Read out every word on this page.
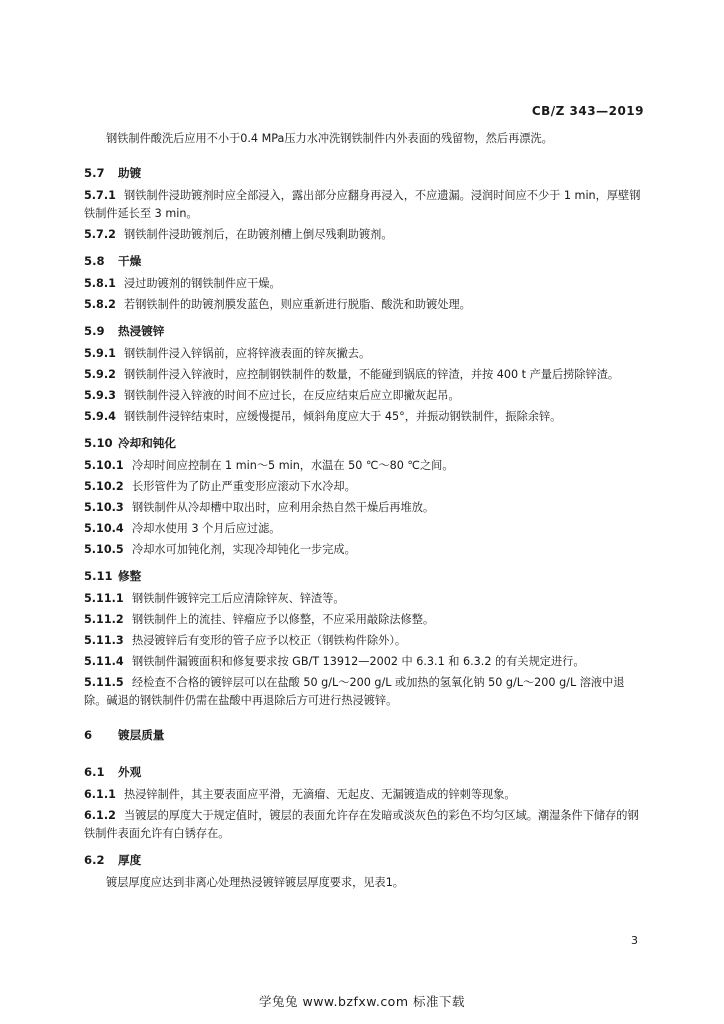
CB/Z 343—2019
钢铁制件酸洗后应用不小于0.4 MPa压力水冲洗钢铁制件内外表面的残留物，然后再漂洗。
5.7 助镀
5.7.1 钢铁制件浸助镀剂时应全部浸入，露出部分应翻身再浸入，不应遗漏。浸润时间应不少于 1 min，厚壁钢铁制件延长至 3 min。
5.7.2 钢铁制件浸助镀剂后，在助镀剂槽上倒尽残剩助镀剂。
5.8 干燥
5.8.1 浸过助镀剂的钢铁制件应干燥。
5.8.2 若钢铁制件的助镀剂膜发蓝色，则应重新进行脱脂、酸洗和助镀处理。
5.9 热浸镀锌
5.9.1 钢铁制件浸入锌锅前，应将锌液表面的锌灰撇去。
5.9.2 钢铁制件浸入锌液时，应控制钢铁制件的数量，不能碰到锅底的锌渣，并按 400 t 产量后捞除锌渣。
5.9.3 钢铁制件浸入锌液的时间不应过长，在反应结束后应立即撇灰起吊。
5.9.4 钢铁制件浸锌结束时，应缓慢提吊，倾斜角度应大于 45°，并振动钢铁制件，振除余锌。
5.10 冷却和钝化
5.10.1 冷却时间应控制在 1 min～5 min，水温在 50 ℃～80 ℃之间。
5.10.2 长形管件为了防止严重变形应滚动下水冷却。
5.10.3 钢铁制件从冷却槽中取出时，应利用余热自然干燥后再堆放。
5.10.4 冷却水使用 3 个月后应过滤。
5.10.5 冷却水可加钝化剂，实现冷却钝化一步完成。
5.11 修整
5.11.1 钢铁制件镀锌完工后应清除锌灰、锌渣等。
5.11.2 钢铁制件上的流挂、锌瘤应予以修整，不应采用敲除法修整。
5.11.3 热浸镀锌后有变形的管子应予以校正（钢铁构件除外）。
5.11.4 钢铁制件漏镀面积和修复要求按 GB/T 13912—2002 中 6.3.1 和 6.3.2 的有关规定进行。
5.11.5 经检查不合格的镀锌层可以在盐酸 50 g/L～200 g/L 或加热的氢氧化钠 50 g/L～200 g/L 溶液中退除。碱退的钢铁制件仍需在盐酸中再退除后方可进行热浸镀锌。
6 镀层质量
6.1 外观
6.1.1 热浸锌制件，其主要表面应平滑，无滴瘤、无起皮、无漏镀造成的锌刺等现象。
6.1.2 当镀层的厚度大于规定值时，镀层的表面允许存在发暗或淡灰色的彩色不均匀区域。潮湿条件下储存的钢铁制件表面允许有白锈存在。
6.2 厚度
镀层厚度应达到非离心处理热浸镀锌镀层厚度要求，见表1。
3
学兔兔 www.bzfxw.com 标准下载
